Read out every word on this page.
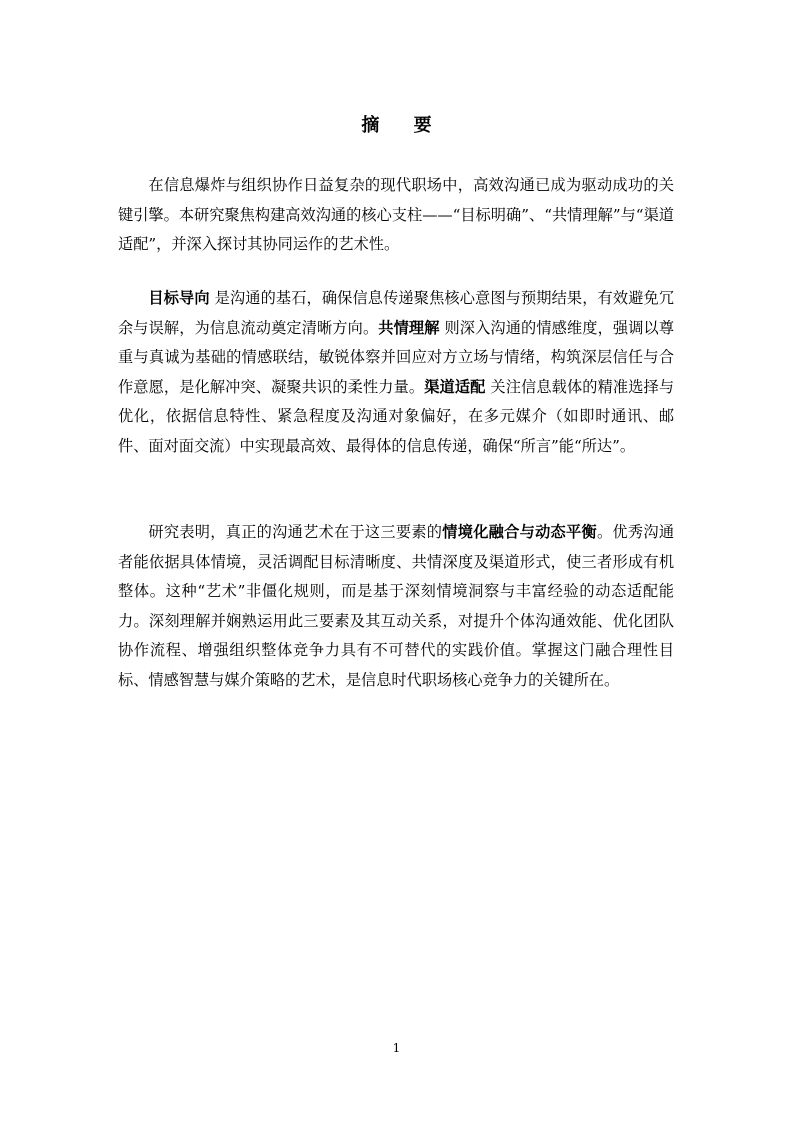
摘 要

在信息爆炸与组织协作日益复杂的现代职场中，高效沟通已成为驱动成功的关键引擎。本研究聚焦构建高效沟通的核心支柱——“目标明确”、“共情理解”与“渠道适配”，并深入探讨其协同运作的艺术性。

目标导向 是沟通的基石，确保信息传递聚焦核心意图与预期结果，有效避免冗余与误解，为信息流动奠定清晰方向。共情理解 则深入沟通的情感维度，强调以尊重与真诚为基础的情感联结，敏锐体察并回应对方立场与情绪，构筑深层信任与合作意愿，是化解冲突、凝聚共识的柔性力量。渠道适配 关注信息载体的精准选择与优化，依据信息特性、紧急程度及沟通对象偏好，在多元媒介（如即时通讯、邮件、面对面交流）中实现最高效、最得体的信息传递，确保“所言”能“所达”。

研究表明，真正的沟通艺术在于这三要素的情境化融合与动态平衡。优秀沟通者能依据具体情境，灵活调配目标清晰度、共情深度及渠道形式，使三者形成有机整体。这种“艺术”非僵化规则，而是基于深刻情境洞察与丰富经验的动态适配能力。深刻理解并娴熟运用此三要素及其互动关系，对提升个体沟通效能、优化团队协作流程、增强组织整体竞争力具有不可替代的实践价值。掌握这门融合理性目标、情感智慧与媒介策略的艺术，是信息时代职场核心竞争力的关键所在。

1
